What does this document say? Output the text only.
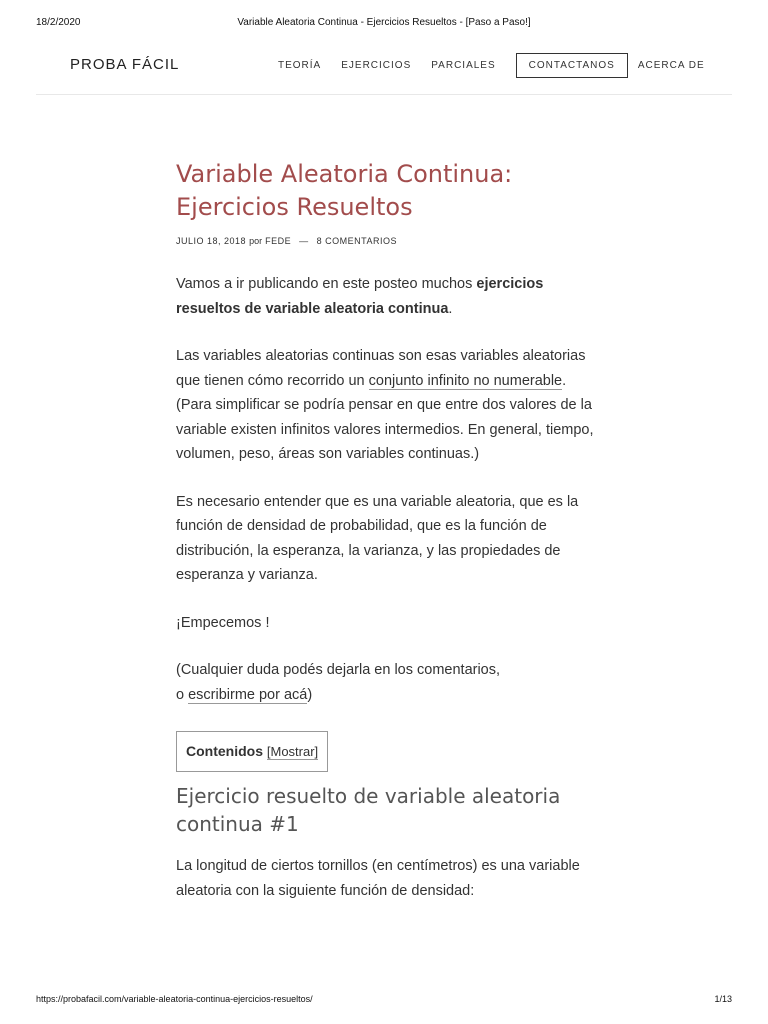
18/2/2020	Variable Aleatoria Continua - Ejercicios Resueltos - [Paso a Paso!]
PROBA FÁCIL	TEORÍA EJERCICIOS PARCIALES	CONTACTANOS	ACERCA DE
Variable Aleatoria Continua:
Ejercicios Resueltos
JULIO 18, 2018 por FEDE — 8 COMENTARIOS

Vamos a ir publicando en este posteo muchos ejercicios resueltos de variable aleatoria continua.

Las variables aleatorias continuas son esas variables aleatorias que tienen cómo recorrido un conjunto infinito no numerable. (Para simplificar se podría pensar en que entre dos valores de la variable existen infinitos valores intermedios. En general, tiempo, volumen, peso, áreas son variables continuas.)

Es necesario entender que es una variable aleatoria, que es la función de densidad de probabilidad, que es la función de distribución, la esperanza, la varianza, y las propiedades de esperanza y varianza.

¡Empecemos !

(Cualquier duda podés dejarla en los comentarios,
o escribirme por acá)

Contenidos [Mostrar]
Ejercicio resuelto de variable aleatoria
continua #1

La longitud de ciertos tornillos (en centímetros) es una variable aleatoria con la siguiente función de densidad:

https://probafacil.com/variable-aleatoria-continua-ejercicios-resueltos/	1/13
